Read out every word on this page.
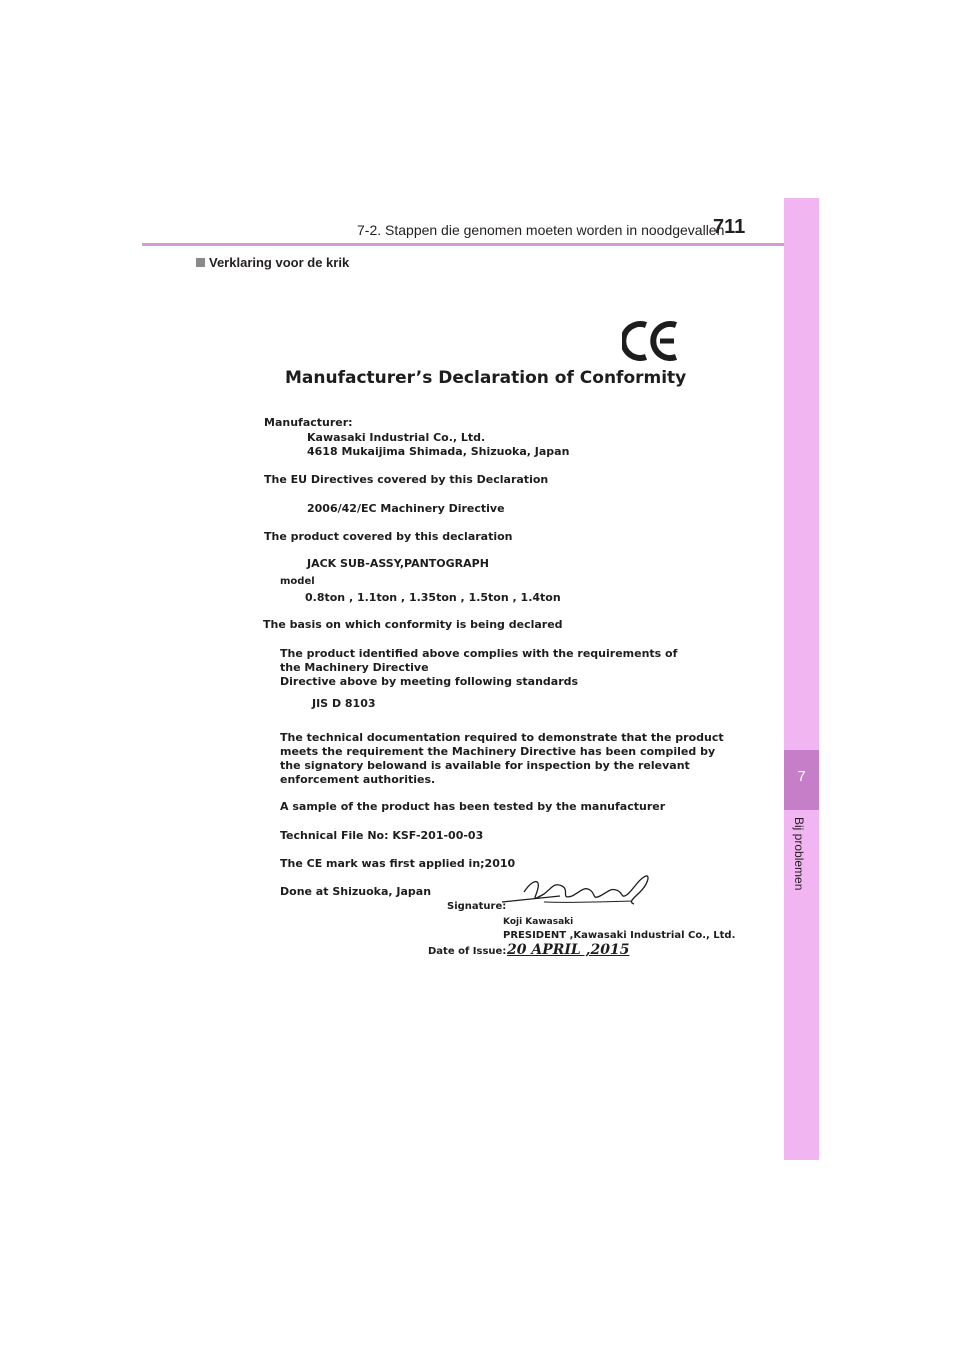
7-2. Stappen die genomen moeten worden in noodgevallen
711
7
Bij problemen
Verklaring voor de krik
Manufacturer’s Declaration of Conformity
Manufacturer:
Kawasaki Industrial Co., Ltd.
4618 Mukaijima Shimada, Shizuoka, Japan
The EU Directives covered by this Declaration
2006/42/EC Machinery Directive
The product covered by this declaration
JACK SUB-ASSY,PANTOGRAPH
model
0.8ton , 1.1ton , 1.35ton , 1.5ton , 1.4ton
The basis on which conformity is being declared
The product identified above complies with the requirements of
the Machinery Directive
Directive above by meeting following standards
JIS D 8103
The technical documentation required to demonstrate that the product
meets the requirement the Machinery Directive has been compiled by
the signatory belowand is available for inspection by the relevant
enforcement authorities.
A sample of the product has been tested by the manufacturer
Technical File No: KSF-201-00-03
The CE mark was first applied in;2010
Done at Shizuoka, Japan
Signature:
Koji Kawasaki
PRESIDENT ,Kawasaki Industrial Co., Ltd.
Date of Issue: 20 APRIL ,2015
